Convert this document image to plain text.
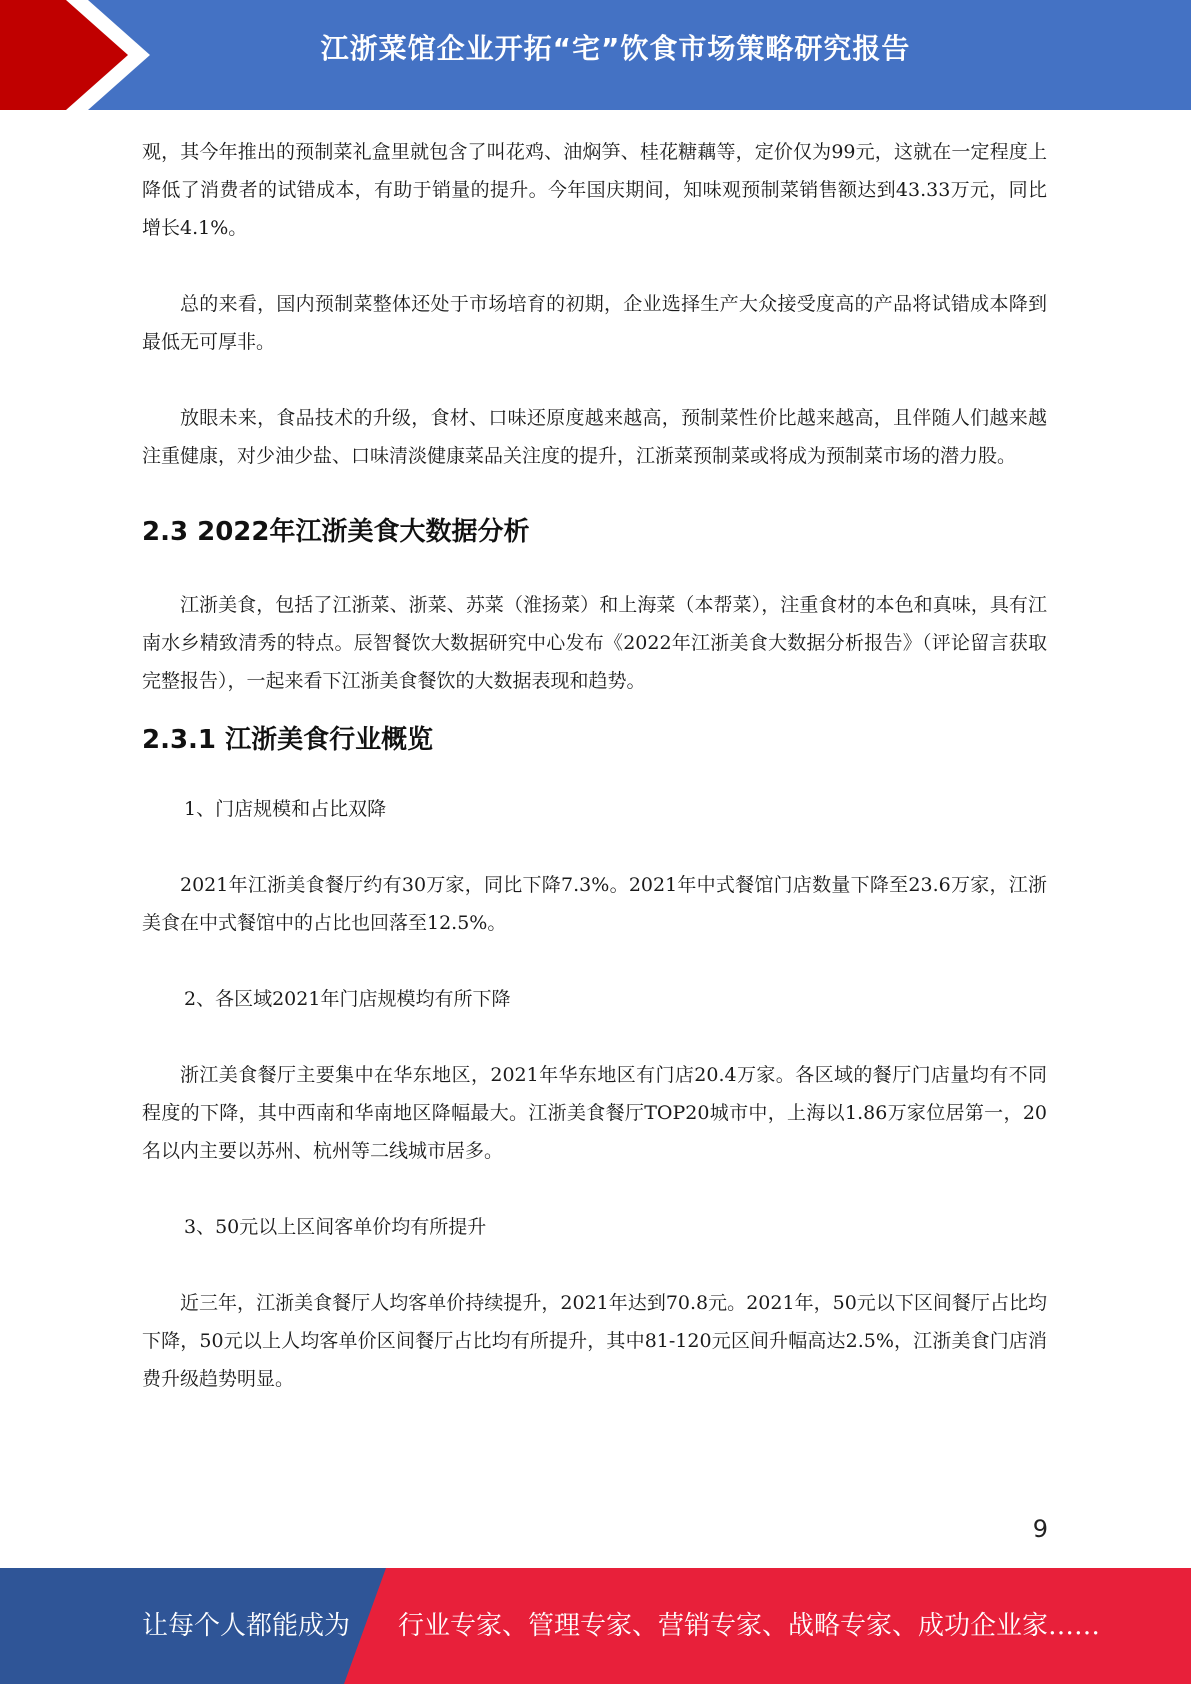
江浙菜馆企业开拓“宅”饮食市场策略研究报告

观，其今年推出的预制菜礼盒里就包含了叫花鸡、油焖笋、桂花糖藕等，定价仅为99元，这就在一定程度上降低了消费者的试错成本，有助于销量的提升。今年国庆期间，知味观预制菜销售额达到43.33万元，同比增长4.1%。

总的来看，国内预制菜整体还处于市场培育的初期，企业选择生产大众接受度高的产品将试错成本降到最低无可厚非。

放眼未来，食品技术的升级，食材、口味还原度越来越高，预制菜性价比越来越高，且伴随人们越来越注重健康，对少油少盐、口味清淡健康菜品关注度的提升，江浙菜预制菜或将成为预制菜市场的潜力股。

2.3 2022年江浙美食大数据分析

江浙美食，包括了江浙菜、浙菜、苏菜（淮扬菜）和上海菜（本帮菜），注重食材的本色和真味，具有江南水乡精致清秀的特点。辰智餐饮大数据研究中心发布《2022年江浙美食大数据分析报告》（评论留言获取完整报告），一起来看下江浙美食餐饮的大数据表现和趋势。

2.3.1 江浙美食行业概览

1、门店规模和占比双降

2021年江浙美食餐厅约有30万家，同比下降7.3%。2021年中式餐馆门店数量下降至23.6万家，江浙美食在中式餐馆中的占比也回落至12.5%。

2、各区域2021年门店规模均有所下降

浙江美食餐厅主要集中在华东地区，2021年华东地区有门店20.4万家。各区域的餐厅门店量均有不同程度的下降，其中西南和华南地区降幅最大。江浙美食餐厅TOP20城市中，上海以1.86万家位居第一，20名以内主要以苏州、杭州等二线城市居多。

3、50元以上区间客单价均有所提升

近三年，江浙美食餐厅人均客单价持续提升，2021年达到70.8元。2021年，50元以下区间餐厅占比均下降，50元以上人均客单价区间餐厅占比均有所提升，其中81-120元区间升幅高达2.5%，江浙美食门店消费升级趋势明显。

9
让每个人都能成为 行业专家、管理专家、营销专家、战略专家、成功企业家……
